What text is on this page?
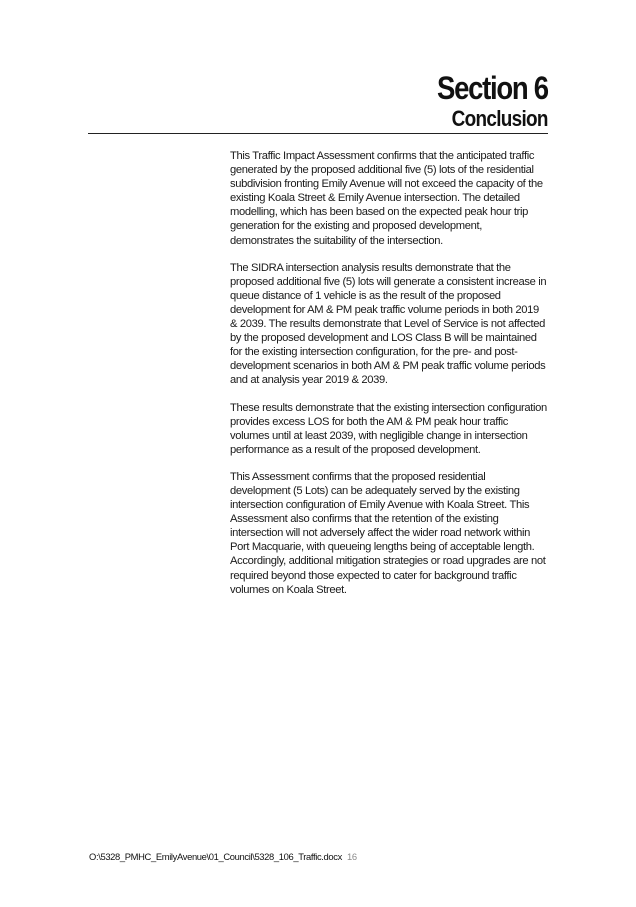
Section 6
Conclusion

This Traffic Impact Assessment confirms that the anticipated traffic generated by the proposed additional five (5) lots of the residential subdivision fronting Emily Avenue will not exceed the capacity of the existing Koala Street & Emily Avenue intersection. The detailed modelling, which has been based on the expected peak hour trip generation for the existing and proposed development, demonstrates the suitability of the intersection.

The SIDRA intersection analysis results demonstrate that the proposed additional five (5) lots will generate a consistent increase in queue distance of 1 vehicle is as the result of the proposed development for AM & PM peak traffic volume periods in both 2019 & 2039. The results demonstrate that Level of Service is not affected by the proposed development and LOS Class B will be maintained for the existing intersection configuration, for the pre- and post- development scenarios in both AM & PM peak traffic volume periods and at analysis year 2019 & 2039.

These results demonstrate that the existing intersection configuration provides excess LOS for both the AM & PM peak hour traffic volumes until at least 2039, with negligible change in intersection performance as a result of the proposed development.

This Assessment confirms that the proposed residential development (5 Lots) can be adequately served by the existing intersection configuration of Emily Avenue with Koala Street. This Assessment also confirms that the retention of the existing intersection will not adversely affect the wider road network within Port Macquarie, with queueing lengths being of acceptable length. Accordingly, additional mitigation strategies or road upgrades are not required beyond those expected to cater for background traffic volumes on Koala Street.

O:\5328_PMHC_EmilyAvenue\01_Council\5328_106_Traffic.docx 16
